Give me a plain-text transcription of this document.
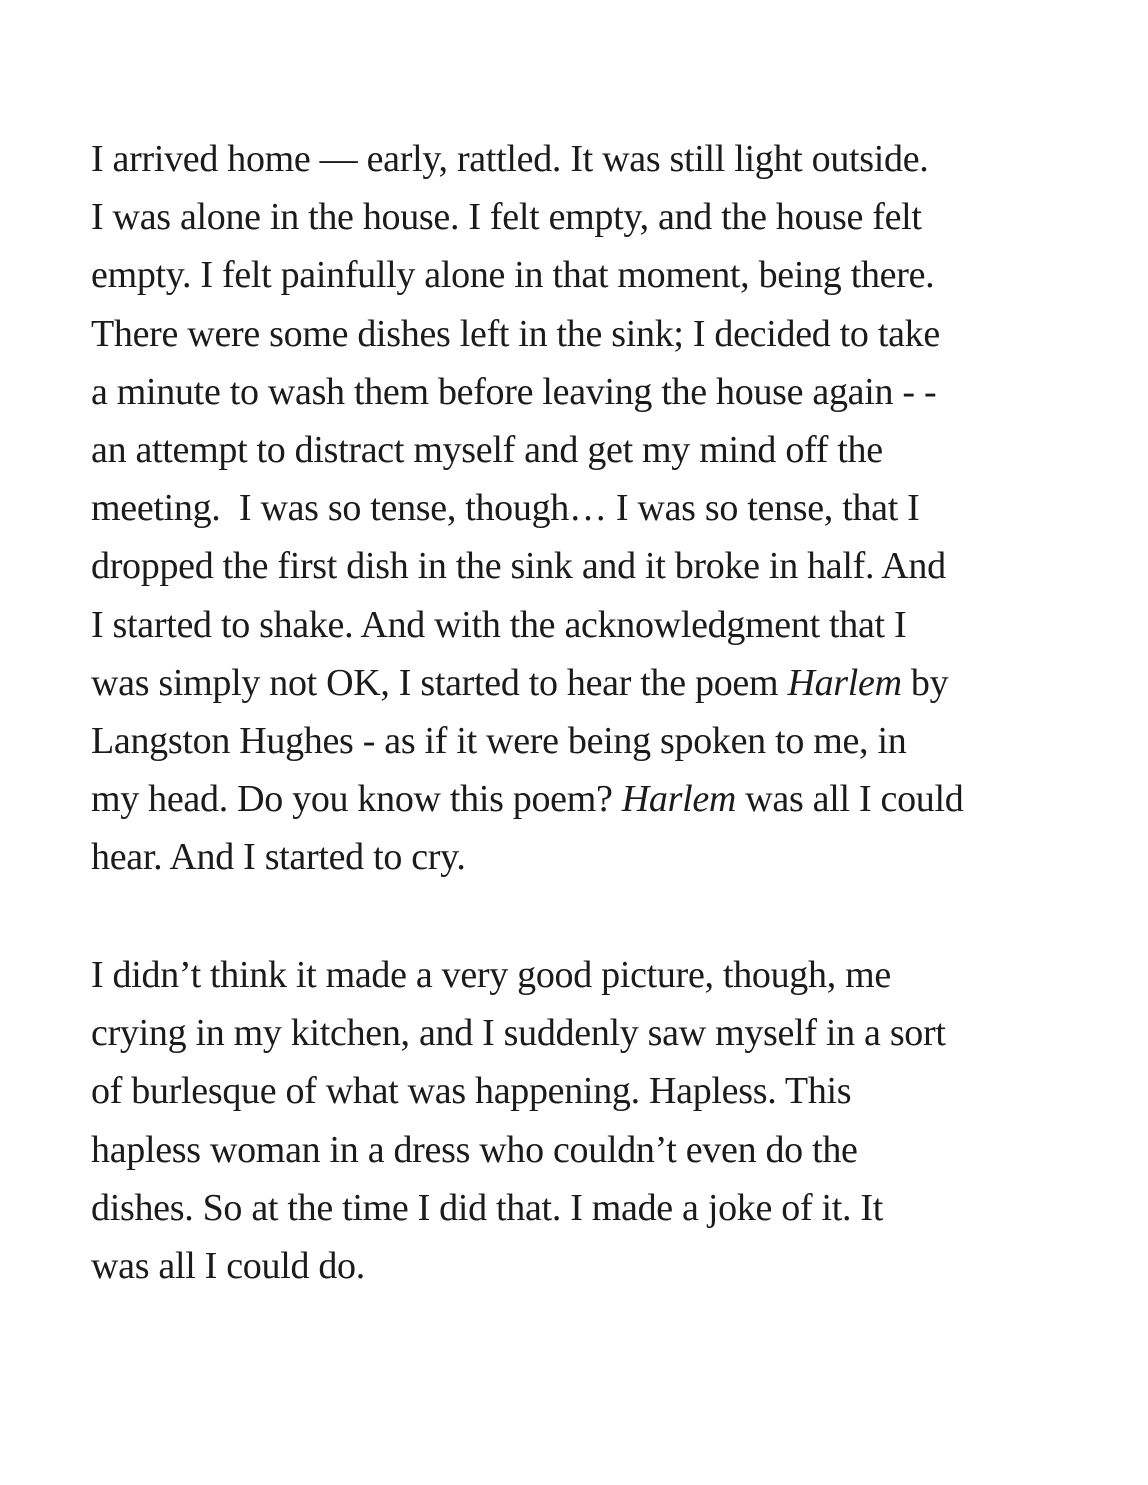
I arrived home — early, rattled. It was still light outside.
I was alone in the house. I felt empty, and the house felt
empty. I felt painfully alone in that moment, being there.
There were some dishes left in the sink; I decided to take
a minute to wash them before leaving the house again - -
an attempt to distract myself and get my mind off the
meeting.  I was so tense, though… I was so tense, that I
dropped the first dish in the sink and it broke in half. And
I started to shake. And with the acknowledgment that I
was simply not OK, I started to hear the poem Harlem by
Langston Hughes - as if it were being spoken to me, in
my head. Do you know this poem? Harlem was all I could
hear. And I started to cry.
I didn’t think it made a very good picture, though, me
crying in my kitchen, and I suddenly saw myself in a sort
of burlesque of what was happening. Hapless. This
hapless woman in a dress who couldn’t even do the
dishes. So at the time I did that. I made a joke of it. It
was all I could do.
